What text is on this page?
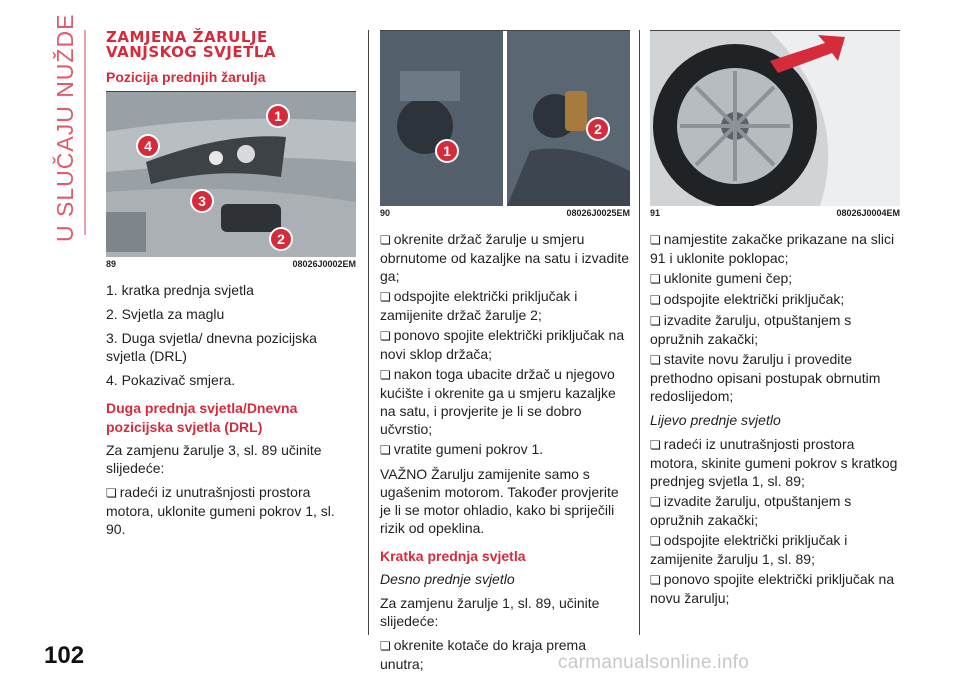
U SLUČAJU NUŽDE ZAMJENA ŽARULJE
VANJSKOG SVJETLA
Pozicija prednjih žarulja
1
2
3
4
89	08026J0002EM

1. kratka prednja svjetla

2. Svjetla za maglu

3. Duga svjetla/ dnevna pozicijska svjetla (DRL)

4. Pokazivač smjera.

Duga prednja svjetla/Dnevna pozicijska svjetla (DRL)

Za zamjenu žarulje 3, sl. 89 učinite slijedeće:

❏ radeći iz unutrašnjosti prostora motora, uklonite gumeni pokrov 1, sl. 90.

1
2
90	08026J0025EM

❏ okrenite držač žarulje u smjeru obrnutome od kazaljke na satu i izvadite ga;

❏ odspojite električki priključak i zamijenite držač žarulje 2;

❏ ponovo spojite električki priključak na novi sklop držača;

❏ nakon toga ubacite držač u njegovo kućište i okrenite ga u smjeru kazaljke na satu, i provjerite je li se dobro učvrstio;

❏ vratite gumeni pokrov 1.

VAŽNO Žarulju zamijenite samo s ugašenim motorom. Također provjerite je li se motor ohladio, kako bi spriječili rizik od opeklina.

Kratka prednja svjetla

Desno prednje svjetlo

Za zamjenu žarulje 1, sl. 89, učinite slijedeće:

❏ okrenite kotače do kraja prema unutra;

91	08026J0004EM

❏ namjestite zakačke prikazane na slici 91 i uklonite poklopac;

❏ uklonite gumeni čep;

❏ odspojite električki priključak;

❏ izvadite žarulju, otpuštanjem s opružnih zakački;

❏ stavite novu žarulju i provedite prethodno opisani postupak obrnutim redoslijedom;

Lijevo prednje svjetlo

❏ radeći iz unutrašnjosti prostora motora, skinite gumeni pokrov s kratkog prednjeg svjetla 1, sl. 89;

❏ izvadite žarulju, otpuštanjem s opružnih zakački;

❏ odspojite električki priključak i zamijenite žarulju 1, sl. 89;

❏ ponovo spojite električki priključak na novu žarulju;

102	carmanualsonline.info
